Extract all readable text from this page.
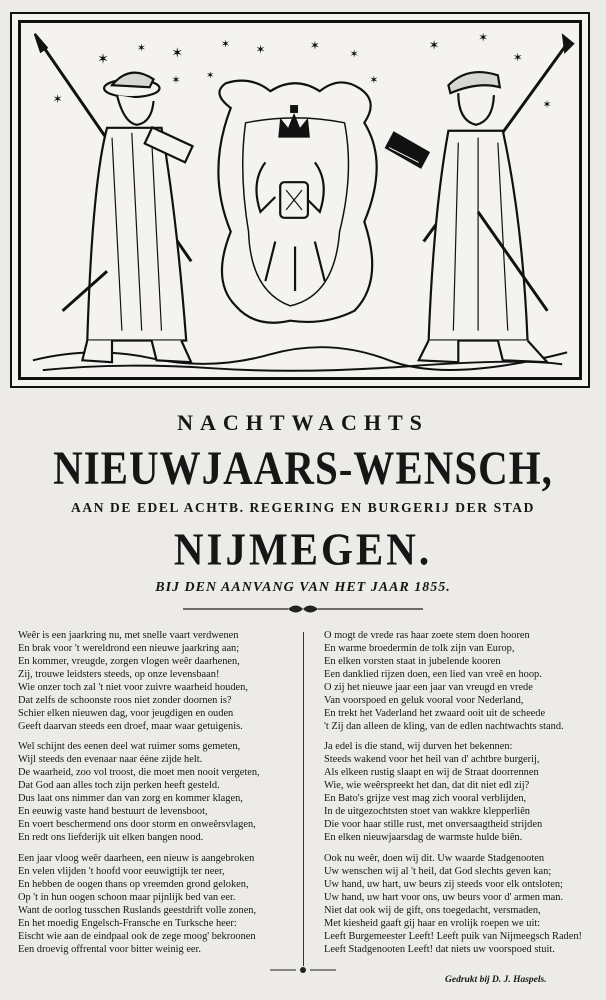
✶
✶ ✶
✶ ✶	✶
✶
✶
✶
✶
✶	✶
✶	✶
✶
NACHTWACHTS
NIEUWJAARS-WENSCH,
AAN DE EDEL ACHTB. REGERING EN BURGERIJ DER STAD
NIJMEGEN.
BIJ DEN AANVANG VAN HET JAAR 1855.
Weêr is een jaarkring nu, met snelle vaart verdwenen
En brak voor 't wereldrond een nieuwe jaarkring aan;
En kommer, vreugde, zorgen vlogen weêr daarhenen,
Zij, trouwe leidsters steeds, op onze levensbaan!
Wie onzer toch zal 't niet voor zuivre waarheid houden,
Dat zelfs de schoonste roos niet zonder doornen is?
Schier elken nieuwen dag, voor jeugdigen en ouden
Geeft daarvan steeds een droef, maar waar getuigenis.
Wel schijnt des eenen deel wat ruimer soms gemeten,
Wijl steeds den evenaar naar ééne zijde helt.
De waarheid, zoo vol troost, die moet men nooit vergeten,
Dat God aan alles toch zijn perken heeft gesteld.
Dus laat ons nimmer dan van zorg en kommer klagen,
En eeuwig vaste hand bestuurt de levensboot,
En voert beschermend ons door storm en onweêrsvlagen,
En redt ons liefderijk uit elken bangen nood.
Een jaar vloog weêr daarheen, een nieuw is aangebroken
En velen vlijden 't hoofd voor eeuwigtijk ter neer,
En hebben de oogen thans op vreemden grond geloken,
Op 't in hun oogen schoon maar pijnlijk bed van eer.
Want de oorlog tusschen Ruslands geestdrift volle zonen,
En het moedig Engelsch-Fransche en Turksche heer:
Eischt wie aan de eindpaal ook de zege moog' bekroonen
Een droevig offrental voor bitter weinig eer.
O mogt de vrede ras haar zoete stem doen hooren
En warme broedermin de tolk zijn van Europ,
En elken vorsten staat in jubelende kooren
Een danklied rijzen doen, een lied van vreê en hoop.
O zij het nieuwe jaar een jaar van vreugd en vrede
Van voorspoed en geluk vooral voor Nederland,
En trekt het Vaderland het zwaard ooit uit de scheede
't Zij dan alleen de kling, van de edlen nachtwachts stand.
Ja edel is die stand, wij durven het bekennen:
Steeds wakend voor het heil van d' achtbre burgerij,
Als elkeen rustig slaapt en wij de Straat doorrennen
Wie, wie weêrspreekt het dan, dat dit niet edl zij?
En Bato's grijze vest mag zich vooral verblijden,
In de uitgezochtsten stoet van wakkre klepperliên
Die voor haar stille rust, met onversaagtheid strijden
En elken nieuwjaarsdag de warmste hulde biên.
Ook nu weêr, doen wij dit. Uw waarde Stadgenooten
Uw wenschen wij al 't heil, dat God slechts geven kan;
Uw hand, uw hart, uw beurs zij steeds voor elk ontsloten;
Uw hand, uw hart voor ons, uw beurs voor d' armen man.
Niet dat ook wij de gift, ons toegedacht, versmaden,
Met kiesheid gaaft gij haar en vrolijk roepen we uit:
Leeft Burgemeester Leeft! Leeft puik van Nijmeegsch Raden!
Leeft Stadgenooten Leeft! dat niets uw voorspoed stuit.
Gedrukt bij D. J. Haspels.
